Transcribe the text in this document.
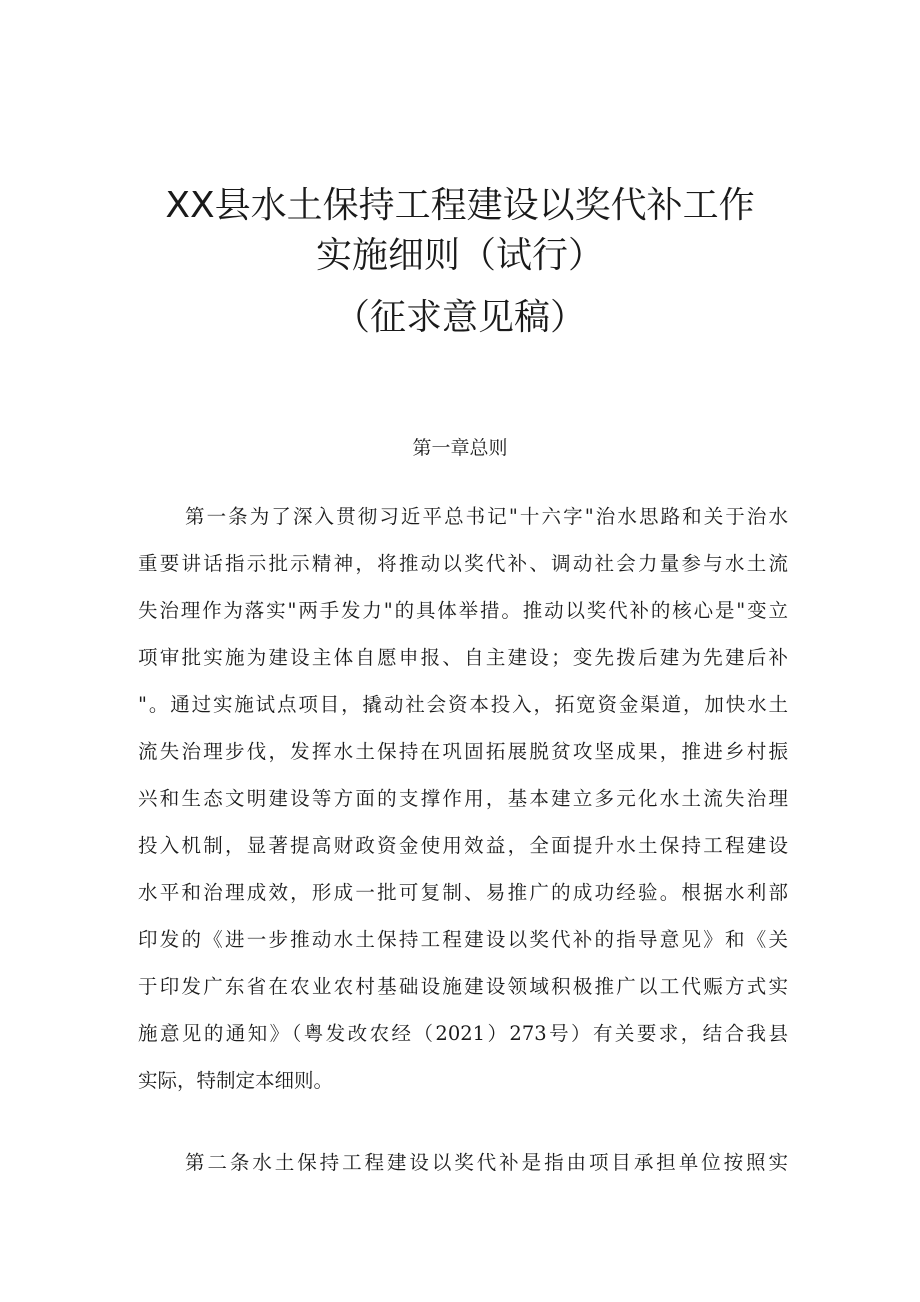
XX县水土保持工程建设以奖代补工作
实施细则（试行）
（征求意见稿）
第一章总则
第一条为了深入贯彻习近平总书记"十六字"治水思路和关于治水
重要讲话指示批示精神，将推动以奖代补、调动社会力量参与水土流
失治理作为落实"两手发力"的具体举措。推动以奖代补的核心是"变立
项审批实施为建设主体自愿申报、自主建设；变先拨后建为先建后补
"。通过实施试点项目，撬动社会资本投入，拓宽资金渠道，加快水土
流失治理步伐，发挥水土保持在巩固拓展脱贫攻坚成果，推进乡村振
兴和生态文明建设等方面的支撑作用，基本建立多元化水土流失治理
投入机制，显著提高财政资金使用效益，全面提升水土保持工程建设
水平和治理成效，形成一批可复制、易推广的成功经验。根据水利部
印发的《进一步推动水土保持工程建设以奖代补的指导意见》和《关
于印发广东省在农业农村基础设施建设领域积极推广以工代赈方式实
施意见的通知》（粤发改农经（2021）273号）有关要求，结合我县
实际，特制定本细则。
第二条水土保持工程建设以奖代补是指由项目承担单位按照实
